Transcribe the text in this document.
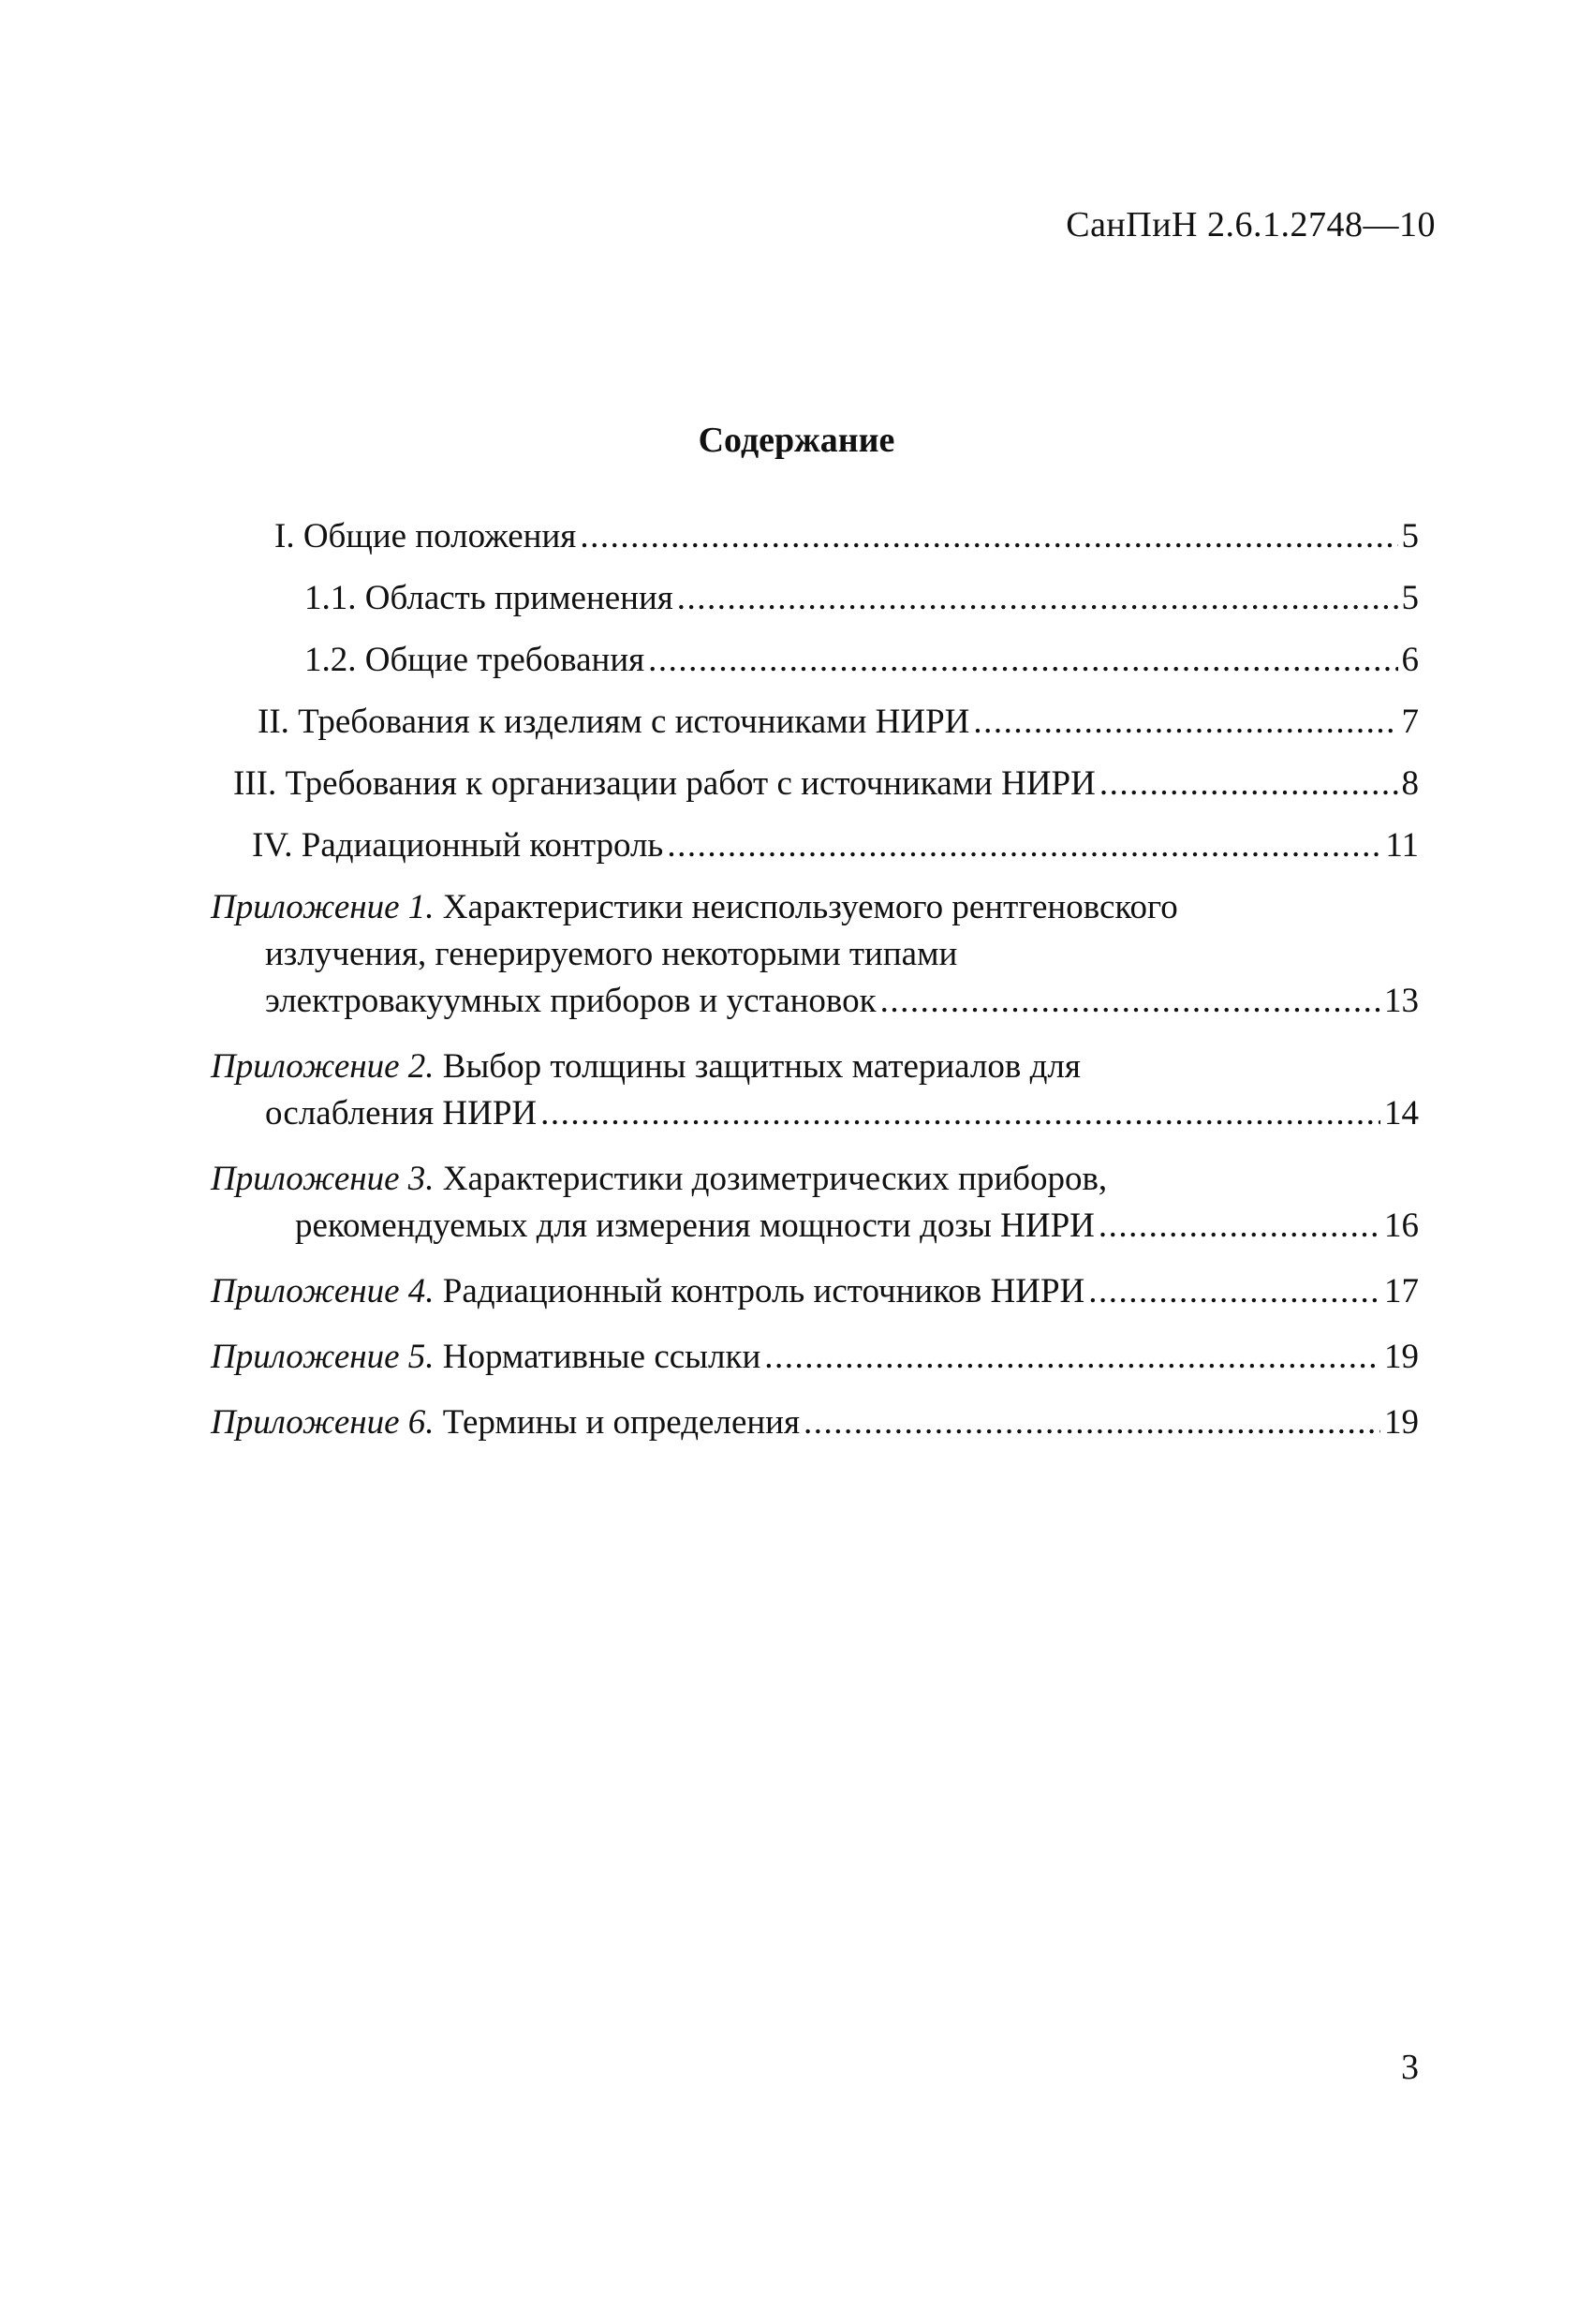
СанПиН 2.6.1.2748—10
Содержание
I. Общие положения .....	5
1.1. Область применения .....	5
1.2. Общие требования .....	6
II. Требования к изделиям с источниками НИРИ .....	7
III. Требования к организации работ с источниками НИРИ .....	8
IV. Радиационный контроль .....	11
Приложение 1. Характеристики неиспользуемого рентгеновского
излучения, генерируемого некоторыми типами
электровакуумных приборов и установок .....	13
Приложение 2. Выбор толщины защитных материалов для
ослабления НИРИ .....	14
Приложение 3. Характеристики дозиметрических приборов,
рекомендуемых для измерения мощности дозы НИРИ .....	16
Приложение 4. Радиационный контроль источников НИРИ .....	17
Приложение 5. Нормативные ссылки .....	19
Приложение 6. Термины и определения .....	19
3
